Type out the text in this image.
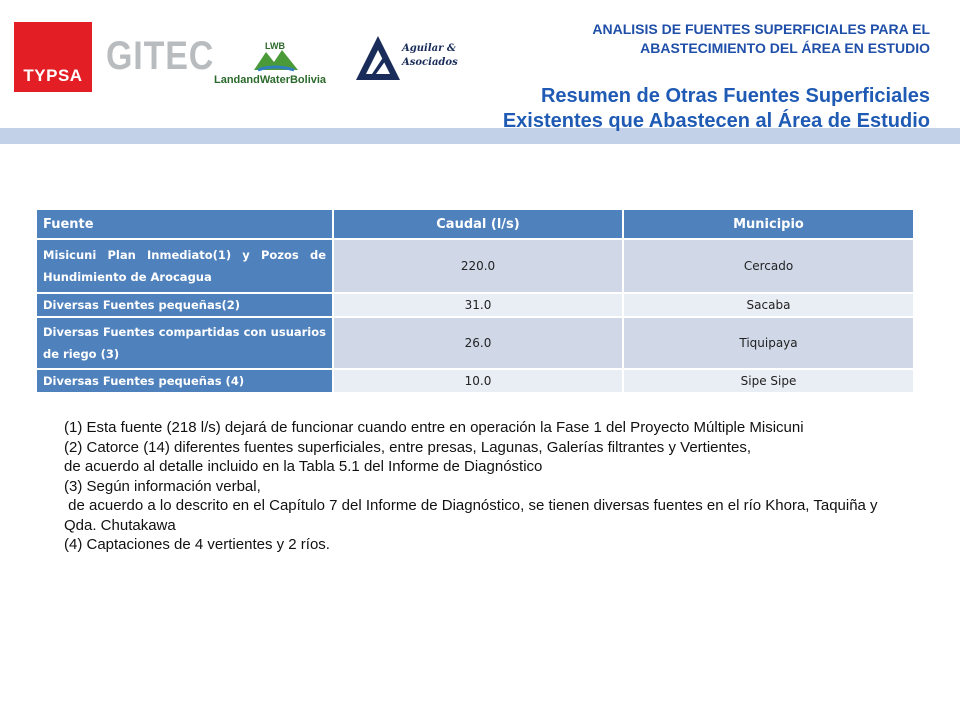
TYPSA GITEC	LWB
LandandWaterBolivia
Aguilar &
Asociados
ANALISIS DE FUENTES SUPERFICIALES PARA EL ABASTECIMIENTO DEL ÁREA EN ESTUDIO
Resumen de Otras Fuentes Superficiales Existentes que Abastecen al Área de Estudio
Fuente	Caudal (l/s)	Municipio
Misicuni Plan Inmediato(1) y Pozos de Hundimiento de Arocagua	220.0	Cercado
Diversas Fuentes pequeñas(2)	31.0	Sacaba
Diversas Fuentes compartidas con usuarios de riego (3)	26.0	Tiquipaya
Diversas Fuentes pequeñas (4)	10.0	Sipe Sipe
(1) Esta fuente (218 l/s) dejará de funcionar cuando entre en operación la Fase 1 del Proyecto Múltiple Misicuni
(2) Catorce (14) diferentes fuentes superficiales, entre presas, Lagunas, Galerías filtrantes y Vertientes,
de acuerdo al detalle incluido en la Tabla 5.1 del Informe de Diagnóstico
(3) Según información verbal,
de acuerdo a lo descrito en el Capítulo 7 del Informe de Diagnóstico, se tienen diversas fuentes en el río Khora, Taquiña y Qda. Chutakawa
(4) Captaciones de 4 vertientes y 2 ríos.
